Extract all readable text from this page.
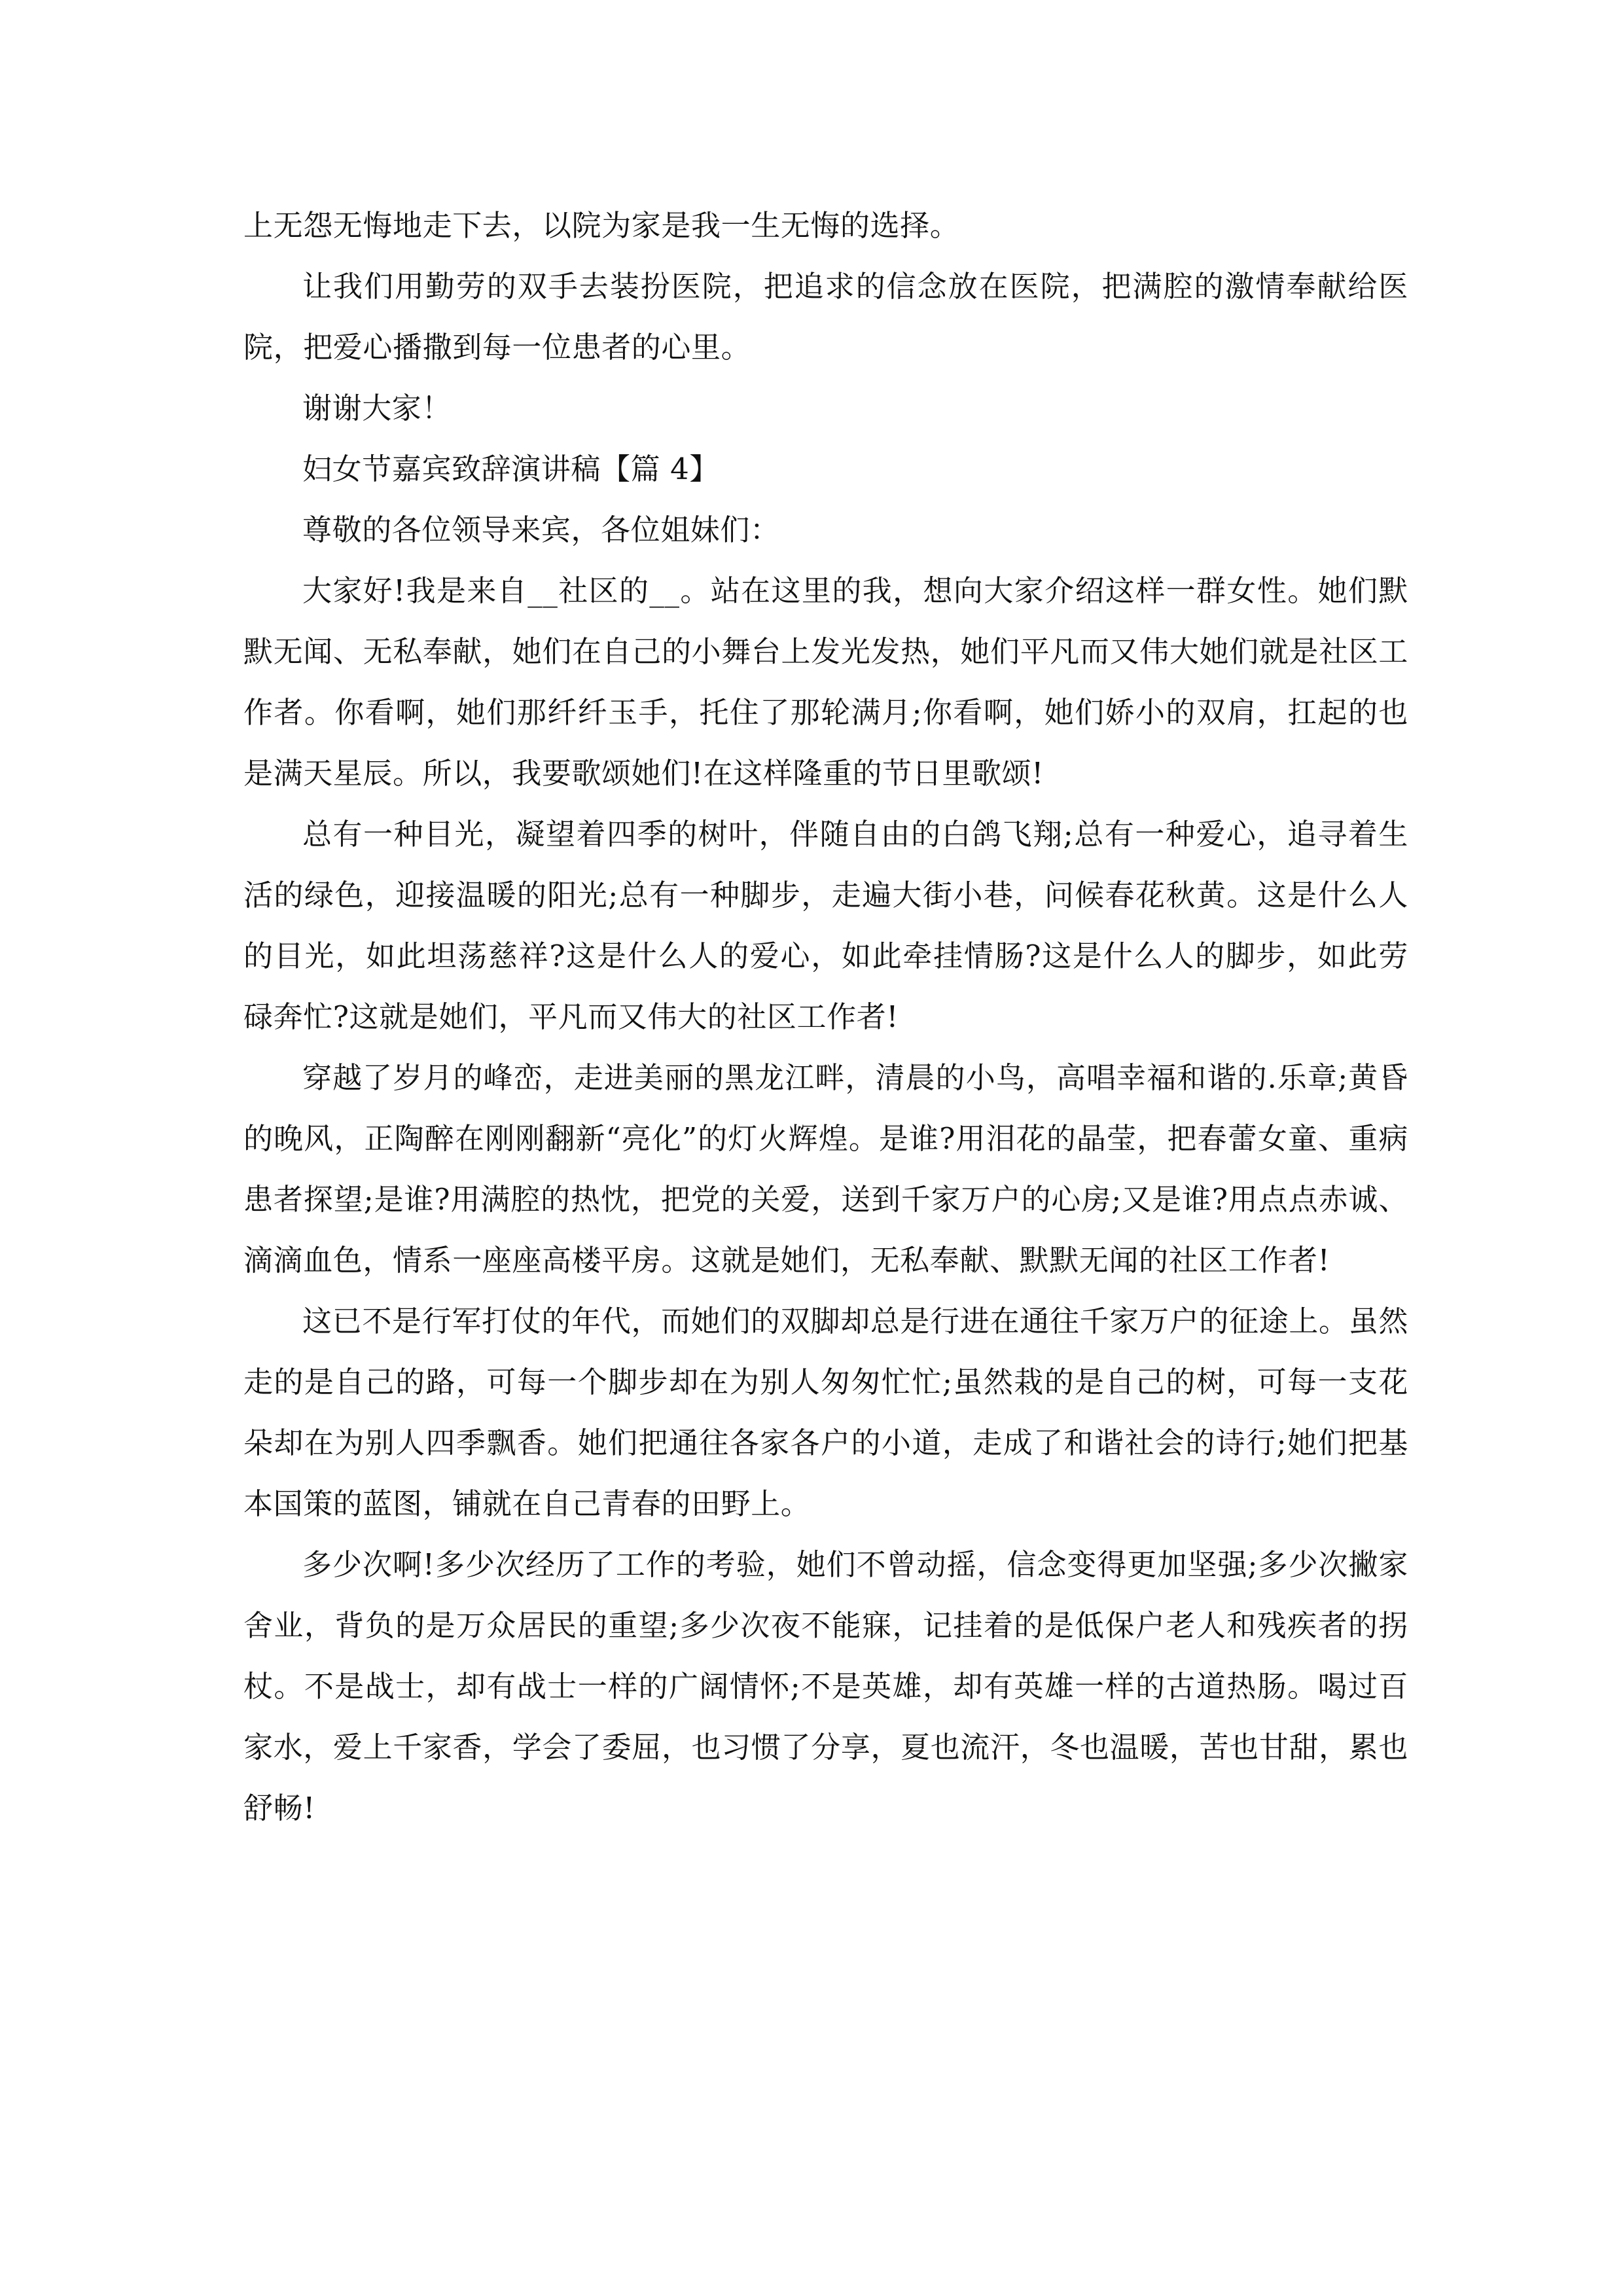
上无怨无悔地走下去，以院为家是我一生无悔的选择。

让我们用勤劳的双手去装扮医院，把追求的信念放在医院，把满腔的激情奉献给医院，把爱心播撒到每一位患者的心里。

谢谢大家！

妇女节嘉宾致辞演讲稿【篇 4】

尊敬的各位领导来宾，各位姐妹们：

大家好!我是来自__社区的__。站在这里的我，想向大家介绍这样一群女性。她们默默无闻、无私奉献，她们在自己的小舞台上发光发热，她们平凡而又伟大她们就是社区工作者。你看啊，她们那纤纤玉手，托住了那轮满月;你看啊，她们娇小的双肩，扛起的也是满天星辰。所以，我要歌颂她们!在这样隆重的节日里歌颂!

总有一种目光，凝望着四季的树叶，伴随自由的白鸽飞翔;总有一种爱心，追寻着生活的绿色，迎接温暖的阳光;总有一种脚步，走遍大街小巷，问候春花秋黄。这是什么人的目光，如此坦荡慈祥?这是什么人的爱心，如此牵挂情肠?这是什么人的脚步，如此劳碌奔忙?这就是她们，平凡而又伟大的社区工作者!

穿越了岁月的峰峦，走进美丽的黑龙江畔，清晨的小鸟，高唱幸福和谐的.乐章;黄昏的晚风，正陶醉在刚刚翻新“亮化”的灯火辉煌。是谁?用泪花的晶莹，把春蕾女童、重病患者探望;是谁?用满腔的热忱，把党的关爱，送到千家万户的心房;又是谁?用点点赤诚、滴滴血色，情系一座座高楼平房。这就是她们，无私奉献、默默无闻的社区工作者!

这已不是行军打仗的年代，而她们的双脚却总是行进在通往千家万户的征途上。虽然走的是自己的路，可每一个脚步却在为别人匆匆忙忙;虽然栽的是自己的树，可每一支花朵却在为别人四季飘香。她们把通往各家各户的小道，走成了和谐社会的诗行;她们把基本国策的蓝图，铺就在自己青春的田野上。

多少次啊!多少次经历了工作的考验，她们不曾动摇，信念变得更加坚强;多少次撇家舍业，背负的是万众居民的重望;多少次夜不能寐，记挂着的是低保户老人和残疾者的拐杖。不是战士，却有战士一样的广阔情怀;不是英雄，却有英雄一样的古道热肠。喝过百家水，爱上千家香，学会了委屈，也习惯了分享，夏也流汗，冬也温暖，苦也甘甜，累也舒畅!
